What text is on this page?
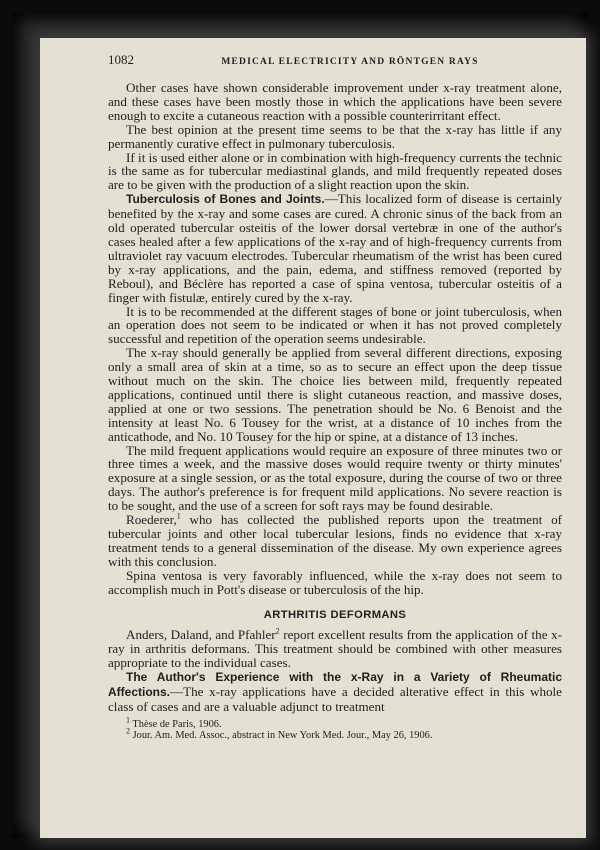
1082	MEDICAL ELECTRICITY AND RÖNTGEN RAYS

Other cases have shown considerable improvement under x-ray treatment alone, and these cases have been mostly those in which the applications have been severe enough to excite a cutaneous reaction with a possible counterirritant effect.

The best opinion at the present time seems to be that the x-ray has little if any permanently curative effect in pulmonary tuberculosis.

If it is used either alone or in combination with high-frequency currents the technic is the same as for tubercular mediastinal glands, and mild frequently repeated doses are to be given with the production of a slight reaction upon the skin.

Tuberculosis of Bones and Joints.—This localized form of disease is certainly benefited by the x-ray and some cases are cured. A chronic sinus of the back from an old operated tubercular osteitis of the lower dorsal vertebræ in one of the author's cases healed after a few applications of the x-ray and of high-frequency currents from ultraviolet ray vacuum electrodes. Tubercular rheumatism of the wrist has been cured by x-ray applications, and the pain, edema, and stiffness removed (reported by Reboul), and Béclère has reported a case of spina ventosa, tubercular osteitis of a finger with fistulæ, entirely cured by the x-ray.

It is to be recommended at the different stages of bone or joint tuberculosis, when an operation does not seem to be indicated or when it has not proved completely successful and repetition of the operation seems undesirable.

The x-ray should generally be applied from several different directions, exposing only a small area of skin at a time, so as to secure an effect upon the deep tissue without much on the skin. The choice lies between mild, frequently repeated applications, continued until there is slight cutaneous reaction, and massive doses, applied at one or two sessions. The penetration should be No. 6 Benoist and the intensity at least No. 6 Tousey for the wrist, at a distance of 10 inches from the anticathode, and No. 10 Tousey for the hip or spine, at a distance of 13 inches.

The mild frequent applications would require an exposure of three minutes two or three times a week, and the massive doses would require twenty or thirty minutes' exposure at a single session, or as the total exposure, during the course of two or three days. The author's preference is for frequent mild applications. No severe reaction is to be sought, and the use of a screen for soft rays may be found desirable.

Roederer,$^1$ who has collected the published reports upon the treatment of tubercular joints and other local tubercular lesions, finds no evidence that x-ray treatment tends to a general dissemination of the disease. My own experience agrees with this conclusion.

Spina ventosa is very favorably influenced, while the x-ray does not seem to accomplish much in Pott's disease or tuberculosis of the hip.

ARTHRITIS DEFORMANS

Anders, Daland, and Pfahler$^2$ report excellent results from the application of the x-ray in arthritis deformans. This treatment should be combined with other measures appropriate to the individual cases.

The Author's Experience with the x-Ray in a Variety of Rheumatic Affections.—The x-ray applications have a decided alterative effect in this whole class of cases and are a valuable adjunct to treatment

$^1$ Thèse de Paris, 1906.
$^2$ Jour. Am. Med. Assoc., abstract in New York Med. Jour., May 26, 1906.
